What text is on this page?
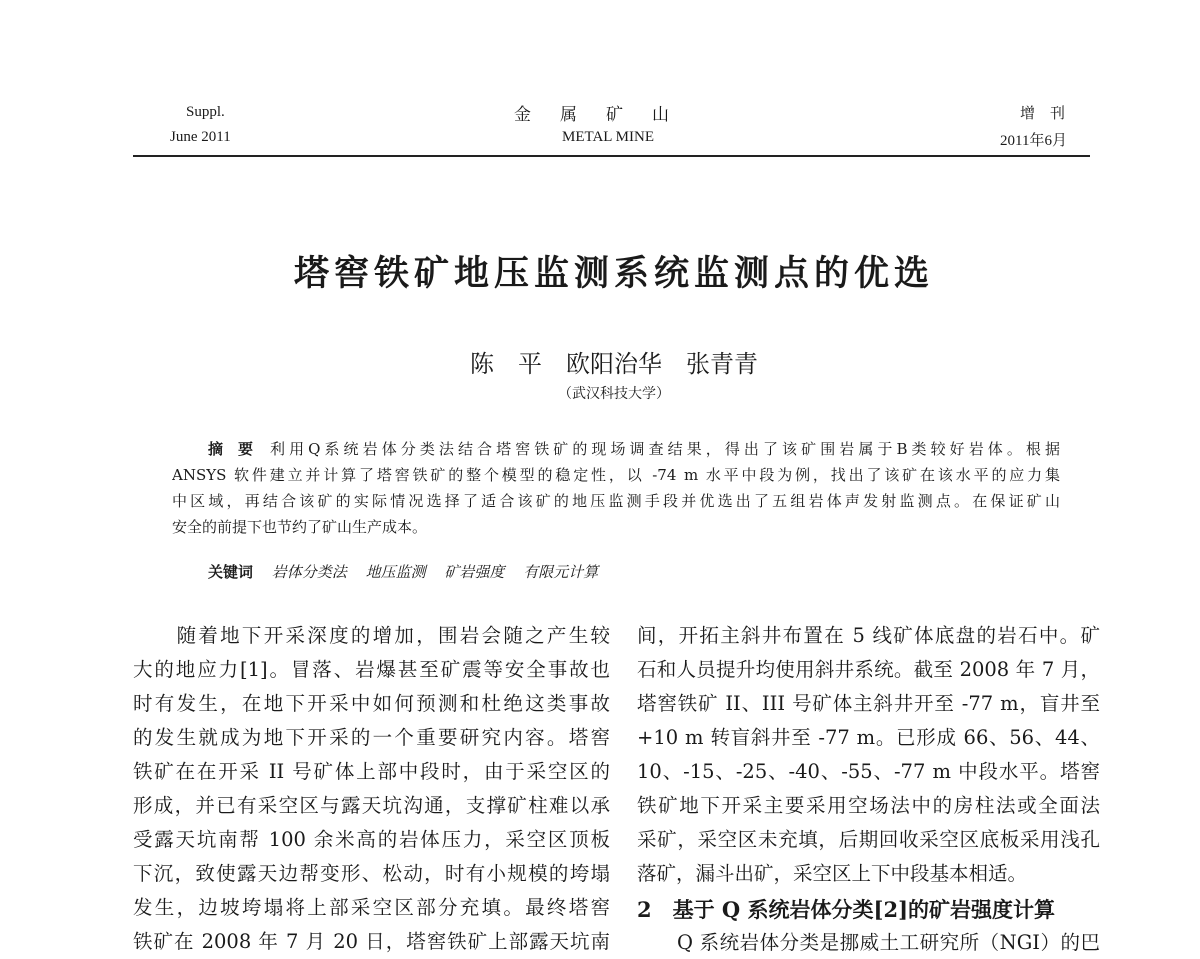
Suppl.
June 2011
金　属　矿　山
METAL MINE
增　刊
2011年6月
塔窖铁矿地压监测系统监测点的优选
陈　平　欧阳治华　张青青
（武汉科技大学）
摘　要 利用Q系统岩体分类法结合塔窖铁矿的现场调查结果，得出了该矿围岩属于B类较好岩体。根据
ANSYS 软件建立并计算了塔窖铁矿的整个模型的稳定性，以 -74 m 水平中段为例，找出了该矿在该水平的应力集
中区域，再结合该矿的实际情况选择了适合该矿的地压监测手段并优选出了五组岩体声发射监测点。在保证矿山
安全的前提下也节约了矿山生产成本。
关键词 岩体分类法 地压监测 矿岩强度 有限元计算
　　随着地下开采深度的增加，围岩会随之产生较
大的地应力[1]。冒落、岩爆甚至矿震等安全事故也
时有发生，在地下开采中如何预测和杜绝这类事故
的发生就成为地下开采的一个重要研究内容。塔窖
铁矿在在开采 II 号矿体上部中段时，由于采空区的
形成，并已有采空区与露天坑沟通，支撑矿柱难以承
受露天坑南帮 100 余米高的岩体压力，采空区顶板
下沉，致使露天边帮变形、松动，时有小规模的垮塌
发生，边坡垮塌将上部采空区部分充填。最终塔窖
铁矿在 2008 年 7 月 20 日，塔窖铁矿上部露天坑南
间，开拓主斜井布置在 5 线矿体底盘的岩石中。矿
石和人员提升均使用斜井系统。截至 2008 年 7 月，
塔窖铁矿 II、III 号矿体主斜井开至 -77 m，盲井至
+10 m 转盲斜井至 -77 m。已形成 66、56、44、
10、-15、-25、-40、-55、-77 m 中段水平。塔窖
铁矿地下开采主要采用空场法中的房柱法或全面法
采矿，采空区未充填，后期回收采空区底板采用浅孔
落矿，漏斗出矿，采空区上下中段基本相适。
2　基于 Q 系统岩体分类[2]的矿岩强度计算
　　Q 系统岩体分类是挪威土工研究所（NGI）的巴
